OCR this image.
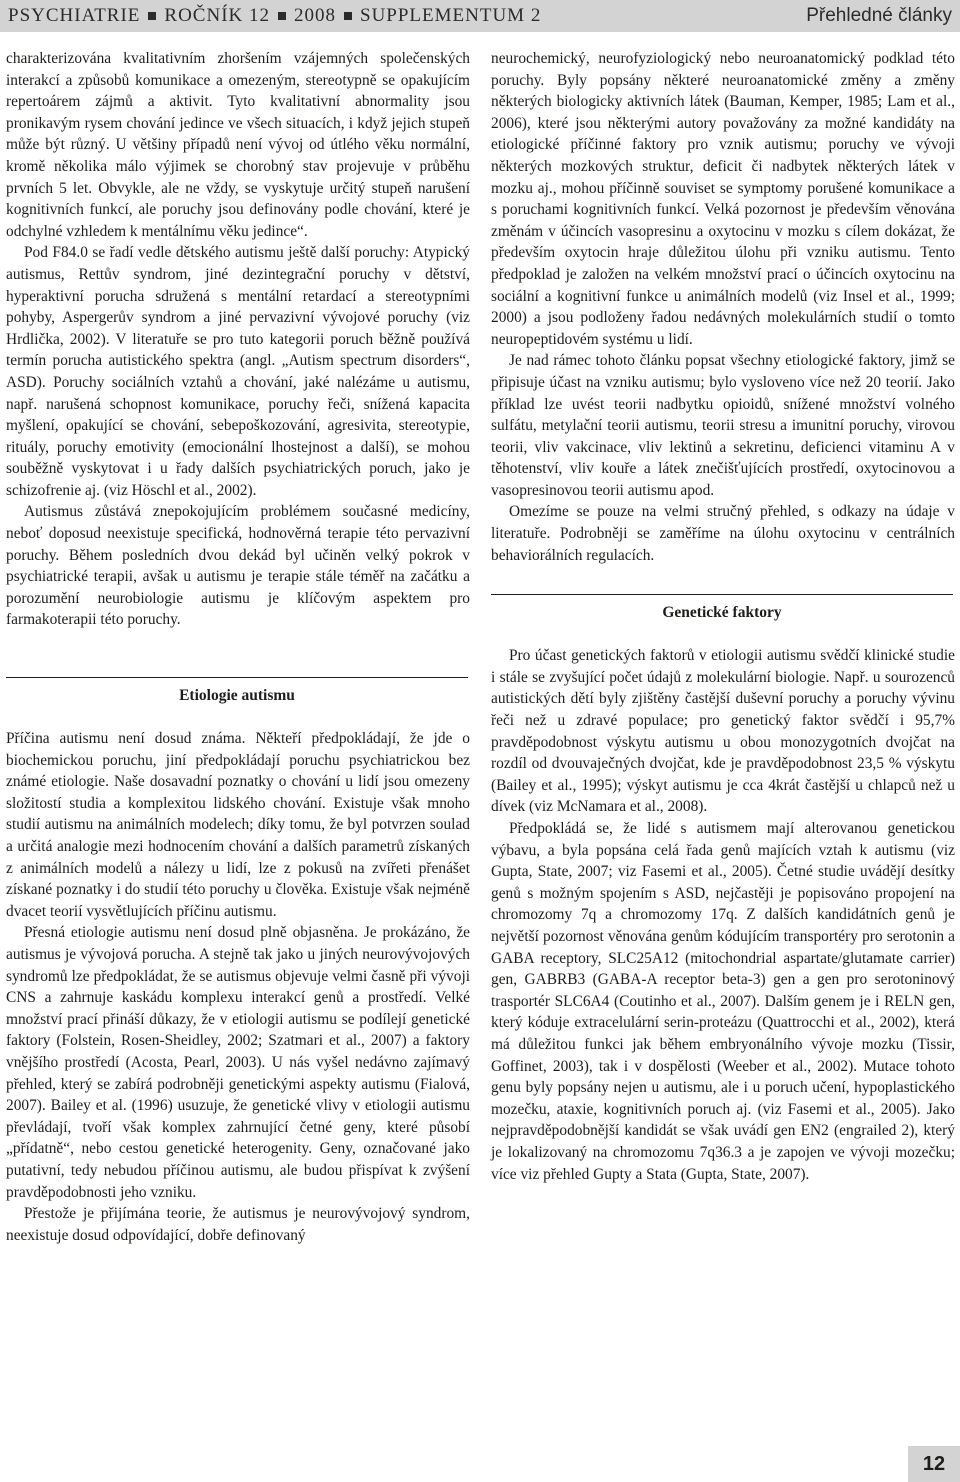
PSYCHIATRIE ROČNÍK 12 2008 SUPPLEMENTUM 2	Přehledné články

charakterizována kvalitativním zhoršením vzájemných společenských interakcí a způsobů komunikace a omezeným, stereotypně se opakujícím repertoárem zájmů a aktivit. Tyto kvalitativní abnormality jsou pronikavým rysem chování jedince ve všech situacích, i když jejich stupeň může být různý. U většiny případů není vývoj od útlého věku normální, kromě několika málo výjimek se chorobný stav projevuje v průběhu prvních 5 let. Obvykle, ale ne vždy, se vyskytuje určitý stupeň narušení kognitivních funkcí, ale poruchy jsou definovány podle chování, které je odchylné vzhledem k mentálnímu věku jedince“.

Pod F84.0 se řadí vedle dětského autismu ještě další poruchy: Atypický autismus, Rettův syndrom, jiné dezintegrační poruchy v dětství, hyperaktivní porucha sdružená s mentální retardací a stereotypními pohyby, Aspergerův syndrom a jiné pervazivní vývojové poruchy (viz Hrdlička, 2002). V literatuře se pro tuto kategorii poruch běžně používá termín porucha autistického spektra (angl. „Autism spectrum disorders“, ASD). Poruchy sociálních vztahů a chování, jaké nalézáme u autismu, např. narušená schopnost komunikace, poruchy řeči, snížená kapacita myšlení, opakující se chování, sebepoškozování, agresivita, stereotypie, rituály, poruchy emotivity (emocionální lhostejnost a další), se mohou souběžně vyskytovat i u řady dalších psychiatrických poruch, jako je schizofrenie aj. (viz Höschl et al., 2002).

Autismus zůstává znepokojujícím problémem současné medicíny, neboť doposud neexistuje specifická, hodnověrná terapie této pervazivní poruchy. Během posledních dvou dekád byl učiněn velký pokrok v psychiatrické terapii, avšak u autismu je terapie stále téměř na začátku a porozumění neurobiologie autismu je klíčovým aspektem pro farmakoterapii této poruchy.

Etiologie autismu

Příčina autismu není dosud známa. Někteří předpokládají, že jde o biochemickou poruchu, jiní předpokládají poruchu psychiatrickou bez známé etiologie. Naše dosavadní poznatky o chování u lidí jsou omezeny složitostí studia a komplexitou lidského chování. Existuje však mnoho studií autismu na animálních modelech; díky tomu, že byl potvrzen soulad a určitá analogie mezi hodnocením chování a dalších parametrů získaných z animálních modelů a nálezy u lidí, lze z pokusů na zvířeti přenášet získané poznatky i do studií této poruchy u člověka. Existuje však nejméně dvacet teorií vysvětlujících příčinu autismu.

Přesná etiologie autismu není dosud plně objasněna. Je prokázáno, že autismus je vývojová porucha. A stejně tak jako u jiných neurovývojových syndromů lze předpokládat, že se autismus objevuje velmi časně při vývoji CNS a zahrnuje kaskádu komplexu interakcí genů a prostředí. Velké množství prací přináší důkazy, že v etiologii autismu se podílejí genetické faktory (Folstein, Rosen-Sheidley, 2002; Szatmari et al., 2007) a faktory vnějšího prostředí (Acosta, Pearl, 2003). U nás vyšel nedávno zajímavý přehled, který se zabírá podrobněji genetickými aspekty autismu (Fialová, 2007). Bailey et al. (1996) usuzuje, že genetické vlivy v etiologii autismu převládají, tvoří však komplex zahrnující četné geny, které působí „přídatně“, nebo cestou genetické heterogenity. Geny, označované jako putativní, tedy nebudou příčinou autismu, ale budou přispívat k zvýšení pravděpodobnosti jeho vzniku.

Přestože je přijímána teorie, že autismus je neurovývojový syndrom, neexistuje dosud odpovídající, dobře definovaný

neurochemický, neurofyziologický nebo neuroanatomický podklad této poruchy. Byly popsány některé neuroanatomické změny a změny některých biologicky aktivních látek (Bauman, Kemper, 1985; Lam et al., 2006), které jsou některými autory považovány za možné kandidáty na etiologické příčinné faktory pro vznik autismu; poruchy ve vývoji některých mozkových struktur, deficit či nadbytek některých látek v mozku aj., mohou příčinně souviset se symptomy porušené komunikace a s poruchami kognitivních funkcí. Velká pozornost je především věnována změnám v účincích vasopresinu a oxytocinu v mozku s cílem dokázat, že především oxytocin hraje důležitou úlohu při vzniku autismu. Tento předpoklad je založen na velkém množství prací o účincích oxytocinu na sociální a kognitivní funkce u animálních modelů (viz Insel et al., 1999; 2000) a jsou podloženy řadou nedávných molekulárních studií o tomto neuropeptidovém systému u lidí.

Je nad rámec tohoto článku popsat všechny etiologické faktory, jimž se připisuje účast na vzniku autismu; bylo vysloveno více než 20 teorií. Jako příklad lze uvést teorii nadbytku opioidů, snížené množství volného sulfátu, metylační teorii autismu, teorii stresu a imunitní poruchy, virovou teorii, vliv vakcinace, vliv lektinů a sekretinu, deficienci vitaminu A v těhotenství, vliv kouře a látek znečišťujících prostředí, oxytocinovou a vasopresinovou teorii autismu apod.

Omezíme se pouze na velmi stručný přehled, s odkazy na údaje v literatuře. Podrobněji se zaměříme na úlohu oxytocinu v centrálních behaviorálních regulacích.

Genetické faktory

Pro účast genetických faktorů v etiologii autismu svědčí klinické studie i stále se zvyšující počet údajů z molekulární biologie. Např. u sourozenců autistických dětí byly zjištěny častější duševní poruchy a poruchy vývinu řeči než u zdravé populace; pro genetický faktor svědčí i 95,7% pravděpodobnost výskytu autismu u obou monozygotních dvojčat na rozdíl od dvouvaječných dvojčat, kde je pravděpodobnost 23,5 % výskytu (Bailey et al., 1995); výskyt autismu je cca 4krát častější u chlapců než u dívek (viz McNamara et al., 2008).

Předpokládá se, že lidé s autismem mají alterovanou genetickou výbavu, a byla popsána celá řada genů majících vztah k autismu (viz Gupta, State, 2007; viz Fasemi et al., 2005). Četné studie uvádějí desítky genů s možným spojením s ASD, nejčastěji je popisováno propojení na chromozomy 7q a chromozomy 17q. Z dalších kandidátních genů je největší pozornost věnována genům kódujícím transportéry pro serotonin a GABA receptory, SLC25A12 (mitochondrial aspartate/glutamate carrier) gen, GABRB3 (GABA-A receptor beta-3) gen a gen pro serotoninový trasportér SLC6A4 (Coutinho et al., 2007). Dalším genem je i RELN gen, který kóduje extracelulární serin-proteázu (Quattrocchi et al., 2002), která má důležitou funkci jak během embryonálního vývoje mozku (Tissir, Goffinet, 2003), tak i v dospělosti (Weeber et al., 2002). Mutace tohoto genu byly popsány nejen u autismu, ale i u poruch učení, hypoplastického mozečku, ataxie, kognitivních poruch aj. (viz Fasemi et al., 2005). Jako nejpravděpodobnější kandidát se však uvádí gen EN2 (engrailed 2), který je lokalizovaný na chromozomu 7q36.3 a je zapojen ve vývoji mozečku; více viz přehled Gupty a Stata (Gupta, State, 2007).

12
